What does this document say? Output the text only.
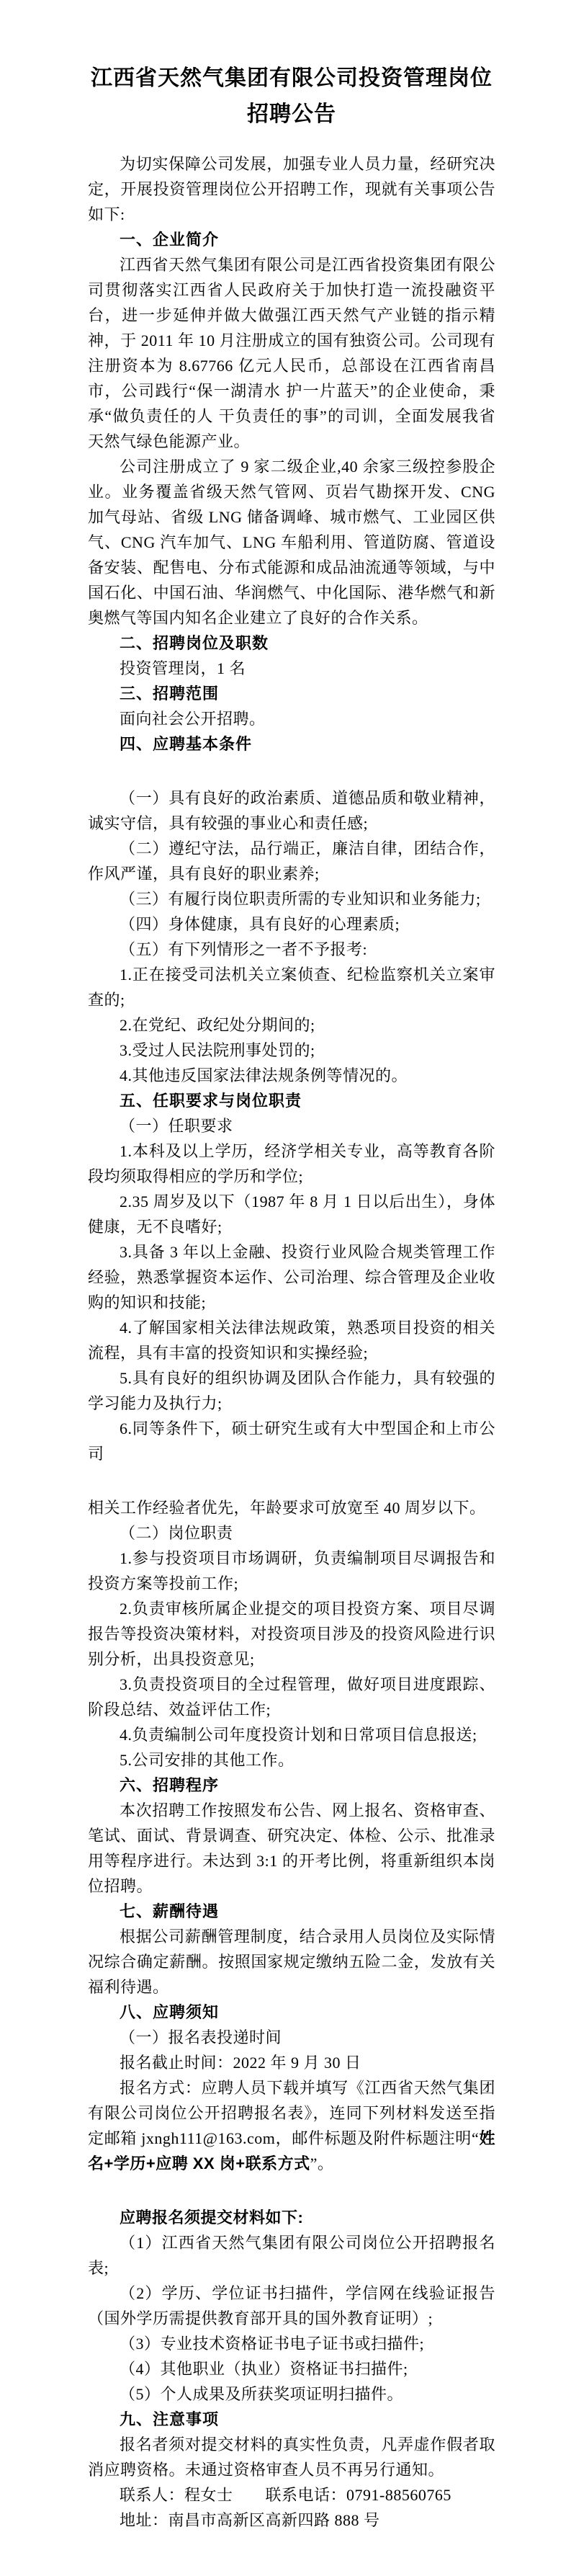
江西省天然气集团有限公司投资管理岗位招聘公告
为切实保障公司发展，加强专业人员力量，经研究决定，开展投资管理岗位公开招聘工作，现就有关事项公告如下:
一、企业简介
江西省天然气集团有限公司是江西省投资集团有限公司贯彻落实江西省人民政府关于加快打造一流投融资平台，进一步延伸并做大做强江西天然气产业链的指示精神，于 2011 年 10 月注册成立的国有独资公司。公司现有注册资本为 8.67766 亿元人民币，总部设在江西省南昌市，公司践行“保一湖清水 护一片蓝天”的企业使命，秉承“做负责任的人 干负责任的事”的司训，全面发展我省天然气绿色能源产业。
公司注册成立了 9 家二级企业,40 余家三级控参股企业。业务覆盖省级天然气管网、页岩气勘探开发、CNG 加气母站、省级 LNG 储备调峰、城市燃气、工业园区供气、CNG 汽车加气、LNG 车船利用、管道防腐、管道设备安装、配售电、分布式能源和成品油流通等领域，与中国石化、中国石油、华润燃气、中化国际、港华燃气和新奥燃气等国内知名企业建立了良好的合作关系。
二、招聘岗位及职数
投资管理岗，1 名
三、招聘范围
面向社会公开招聘。
四、应聘基本条件
（一）具有良好的政治素质、道德品质和敬业精神，诚实守信，具有较强的事业心和责任感;
（二）遵纪守法，品行端正，廉洁自律，团结合作，作风严谨，具有良好的职业素养;
（三）有履行岗位职责所需的专业知识和业务能力;
（四）身体健康，具有良好的心理素质;
（五）有下列情形之一者不予报考:
1.正在接受司法机关立案侦查、纪检监察机关立案审查的;
2.在党纪、政纪处分期间的;
3.受过人民法院刑事处罚的;
4.其他违反国家法律法规条例等情况的。
五、任职要求与岗位职责
（一）任职要求
1.本科及以上学历，经济学相关专业，高等教育各阶段均须取得相应的学历和学位;
2.35 周岁及以下（1987 年 8 月 1 日以后出生），身体健康，无不良嗜好;
3.具备 3 年以上金融、投资行业风险合规类管理工作经验，熟悉掌握资本运作、公司治理、综合管理及企业收购的知识和技能;
4.了解国家相关法律法规政策，熟悉项目投资的相关流程，具有丰富的投资知识和实操经验;
5.具有良好的组织协调及团队合作能力，具有较强的学习能力及执行力;
6.同等条件下，硕士研究生或有大中型国企和上市公司
相关工作经验者优先，年龄要求可放宽至 40 周岁以下。
（二）岗位职责
1.参与投资项目市场调研，负责编制项目尽调报告和投资方案等投前工作;
2.负责审核所属企业提交的项目投资方案、项目尽调报告等投资决策材料，对投资项目涉及的投资风险进行识别分析，出具投资意见;
3.负责投资项目的全过程管理，做好项目进度跟踪、阶段总结、效益评估工作;
4.负责编制公司年度投资计划和日常项目信息报送;
5.公司安排的其他工作。
六、招聘程序
本次招聘工作按照发布公告、网上报名、资格审查、笔试、面试、背景调查、研究决定、体检、公示、批准录用等程序进行。未达到 3:1 的开考比例，将重新组织本岗位招聘。
七、薪酬待遇
根据公司薪酬管理制度，结合录用人员岗位及实际情况综合确定薪酬。按照国家规定缴纳五险二金，发放有关福利待遇。
八、应聘须知
（一）报名表投递时间
报名截止时间：2022 年 9 月 30 日
报名方式：应聘人员下载并填写《江西省天然气集团有限公司岗位公开招聘报名表》，连同下列材料发送至指定邮箱 jxngh111@163.com，邮件标题及附件标题注明“姓名+学历+应聘 XX 岗+联系方式”。
应聘报名须提交材料如下:
（1）江西省天然气集团有限公司岗位公开招聘报名表;
（2）学历、学位证书扫描件，学信网在线验证报告（国外学历需提供教育部开具的国外教育证明）;
（3）专业技术资格证书电子证书或扫描件;
（4）其他职业（执业）资格证书扫描件;
（5）个人成果及所获奖项证明扫描件。
九、注意事项
报名者须对提交材料的真实性负责，凡弄虚作假者取消应聘资格。未通过资格审查人员不再另行通知。
联系人：程女士　　联系电话：0791-88560765
地址：南昌市高新区高新四路 888 号
